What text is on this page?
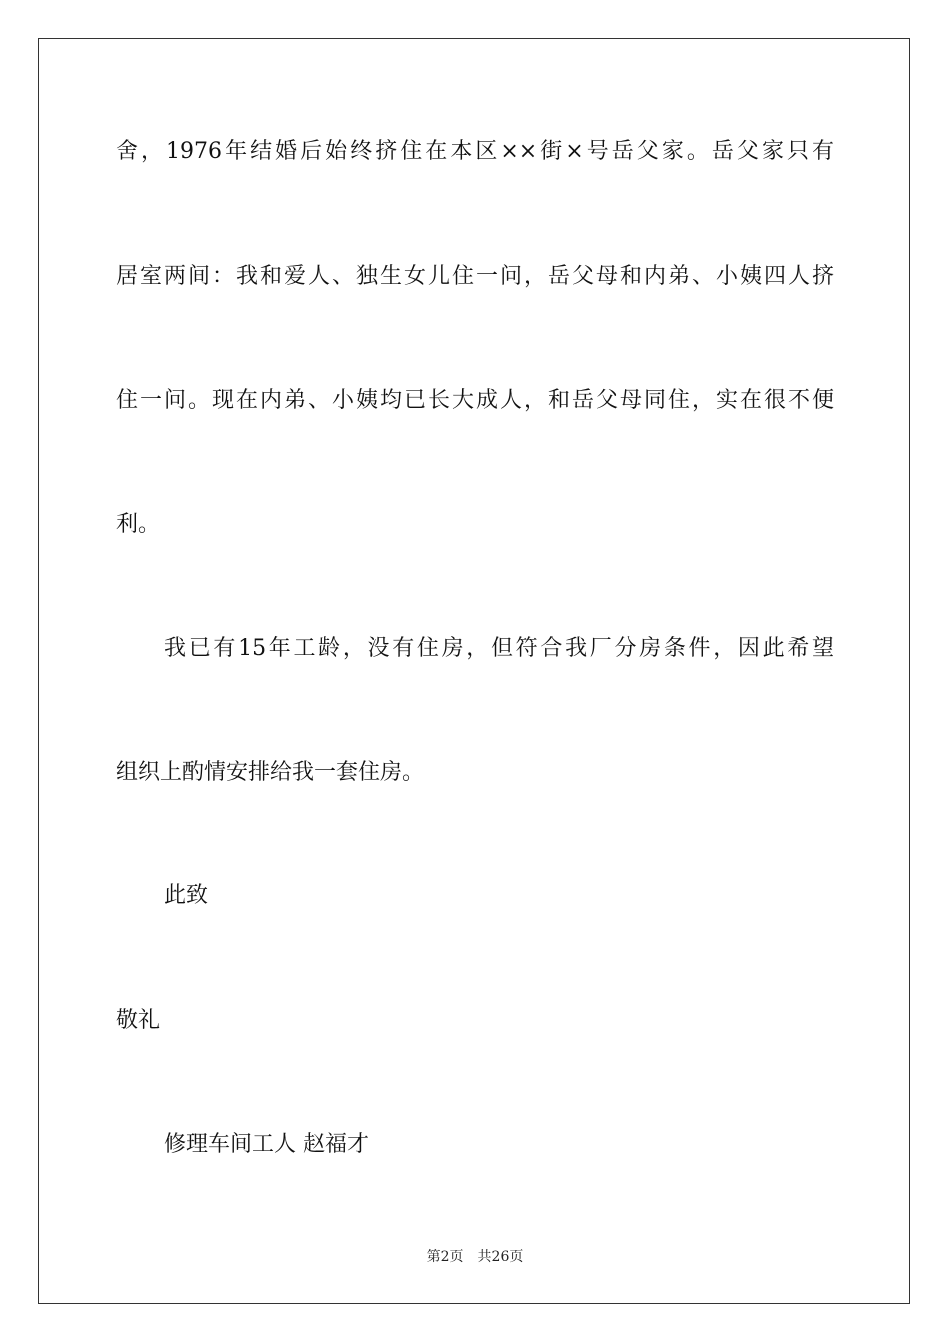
舍，1976年结婚后始终挤住在本区××街×号岳父家。岳父家只有
居室两间：我和爱人、独生女儿住一问，岳父母和内弟、小姨四人挤
住一问。现在内弟、小姨均已长大成人，和岳父母同住，实在很不便
利。
我已有15年工龄，没有住房，但符合我厂分房条件，因此希望
组织上酌情安排给我一套住房。
此致
敬礼
修理车间工人 赵福才
第2页　共26页
